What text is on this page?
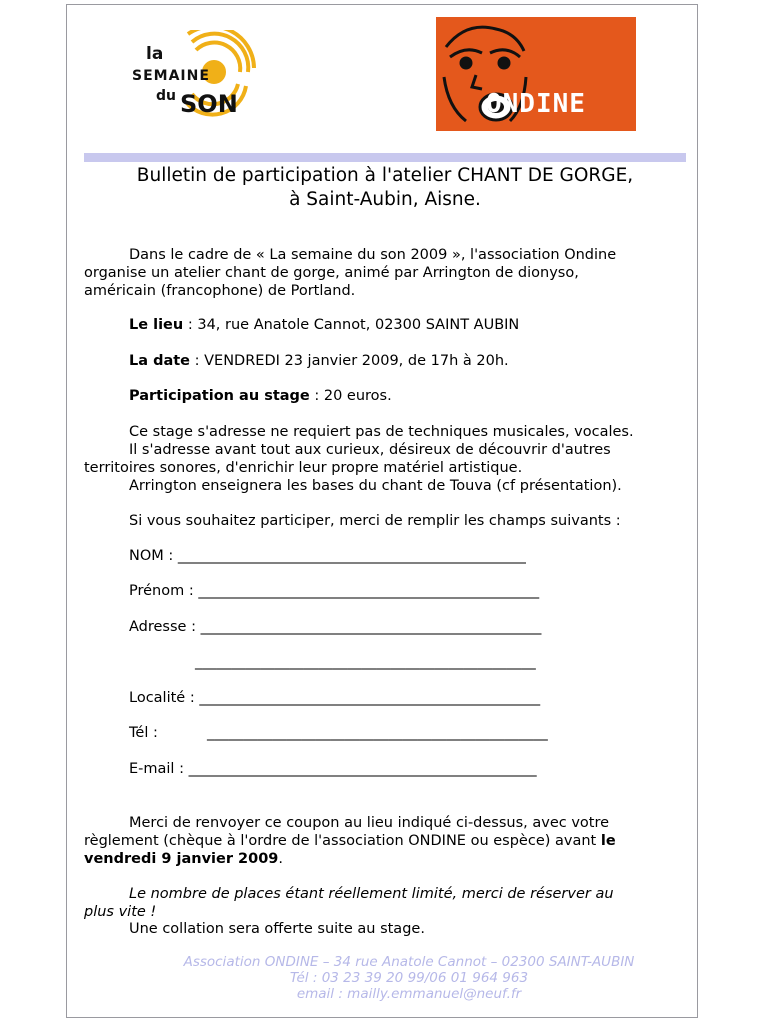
la
SEMAINE
du SON	ONDINE
Bulletin de participation à l'atelier CHANT DE GORGE,
à Saint-Aubin, Aisne.
Dans le cadre de « La semaine du son 2009 », l'association Ondine
organise un atelier chant de gorge, animé par Arrington de dionyso,
américain (francophone) de Portland.
Le lieu : 34, rue Anatole Cannot, 02300 SAINT AUBIN
La date : VENDREDI 23 janvier 2009, de 17h à 20h.
Participation au stage : 20 euros.
Ce stage s'adresse ne requiert pas de techniques musicales, vocales.
Il s'adresse avant tout aux curieux, désireux de découvrir d'autres
territoires sonores, d'enrichir leur propre matériel artistique.
Arrington enseignera les bases du chant de Touva (cf présentation).
Si vous souhaitez participer, merci de remplir les champs suivants :
NOM : ________________________________________________
Prénom : _______________________________________________
Adresse : _______________________________________________
_______________________________________________
Localité : _______________________________________________
Tél :	_______________________________________________
E-mail : ________________________________________________
Merci de renvoyer ce coupon au lieu indiqué ci-dessus, avec votre
règlement (chèque à l'ordre de l'association ONDINE ou espèce) avant le
vendredi 9 janvier 2009.
Le nombre de places étant réellement limité, merci de réserver au
plus vite !
Une collation sera offerte suite au stage.
Association ONDINE – 34 rue Anatole Cannot – 02300 SAINT-AUBIN
Tél : 03 23 39 20 99/06 01 964 963
email : mailly.emmanuel@neuf.fr
